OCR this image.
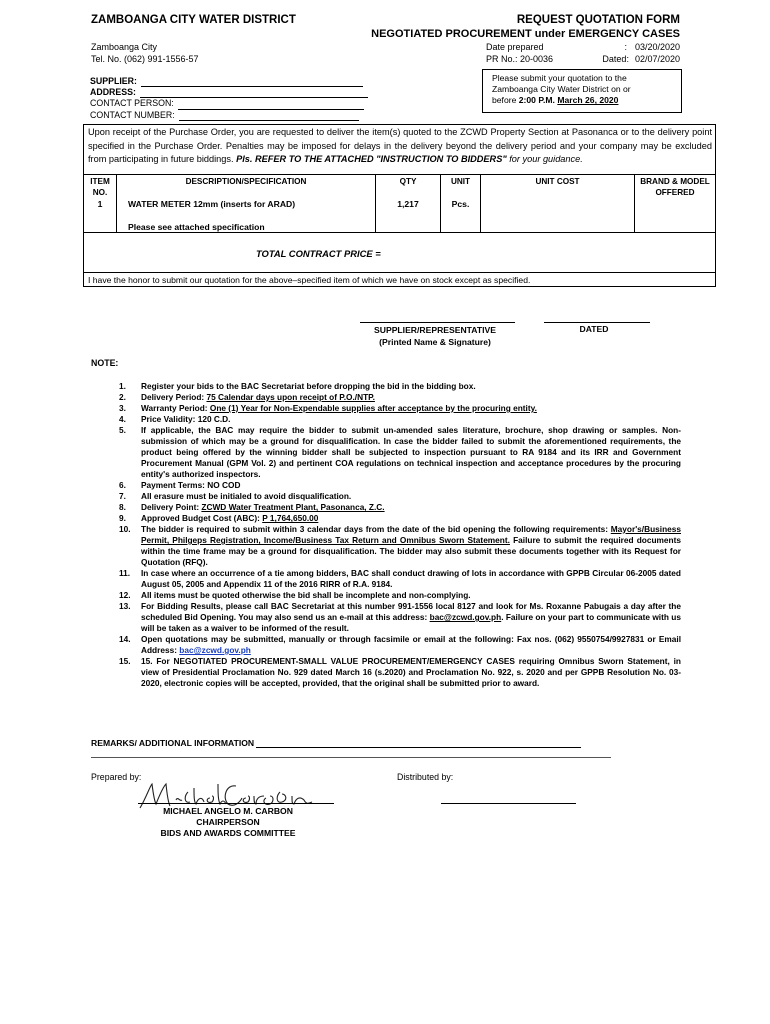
ZAMBOANGA CITY WATER DISTRICT	REQUEST QUOTATION FORM
NEGOTIATED PROCUREMENT under EMERGENCY CASES
Zamboanga City
Tel. No. (062) 991-1556-57
Date prepared	: 03/20/2020
PR No.: 20-0036	Dated: 02/07/2020
SUPPLIER:
ADDRESS:
CONTACT PERSON:
CONTACT NUMBER:
Please submit your quotation to the
Zamboanga City Water District on or
before 2:00 P.M. March 26, 2020
Upon receipt of the Purchase Order, you are requested to deliver the item(s) quoted to the ZCWD Property Section at Pasonanca or to the delivery point specified in the Purchase Order. Penalties may be imposed for delays in the delivery beyond the delivery period and your company may be excluded from participating in future biddings. Pls. REFER TO THE ATTACHED "INSTRUCTION TO BIDDERS" for your guidance.
ITEM
NO.
DESCRIPTION/SPECIFICATION	QTY	UNIT	UNIT COST	BRAND & MODEL
OFFERED
1	WATER METER 12mm (inserts for ARAD)	1,217	Pcs.
Please see attached specification
TOTAL CONTRACT PRICE =
I have the honor to submit our quotation for the above–specified item of which we have on stock except as specified.
SUPPLIER/REPRESENTATIVE
(Printed Name & Signature)
DATED
NOTE:
1.	Register your bids to the BAC Secretariat before dropping the bid in the bidding box.
2.	Delivery Period: 75 Calendar days upon receipt of P.O./NTP.
3.	Warranty Period: One (1) Year for Non-Expendable supplies after acceptance by the procuring entity.
4.	Price Validity: 120 C.D.
5.	If applicable, the BAC may require the bidder to submit un-amended sales literature, brochure, shop drawing or samples. Non-submission of which may be a ground for disqualification. In case the bidder failed to submit the aforementioned requirements, the product being offered by the winning bidder shall be subjected to inspection pursuant to RA 9184 and its IRR and Government Procurement Manual (GPM Vol. 2) and pertinent COA regulations on technical inspection and acceptance procedures by the procuring entity's authorized inspectors.
6.	Payment Terms: NO COD
7.	All erasure must be initialed to avoid disqualification.
8.	Delivery Point: ZCWD Water Treatment Plant, Pasonanca, Z.C.
9.	Approved Budget Cost (ABC): P 1,764,650.00
10.	The bidder is required to submit within 3 calendar days from the date of the bid opening the following requirements: Mayor's/Business Permit, Philgeps Registration, Income/Business Tax Return and Omnibus Sworn Statement. Failure to submit the required documents within the time frame may be a ground for disqualification. The bidder may also submit these documents together with its Request for Quotation (RFQ).
11.	In case where an occurrence of a tie among bidders, BAC shall conduct drawing of lots in accordance with GPPB Circular 06-2005 dated August 05, 2005 and Appendix 11 of the 2016 RIRR of R.A. 9184.
12.	All items must be quoted otherwise the bid shall be incomplete and non-complying.
13.	For Bidding Results, please call BAC Secretariat at this number 991-1556 local 8127 and look for Ms. Roxanne Pabugais a day after the scheduled Bid Opening. You may also send us an e-mail at this address: bac@zcwd.gov.ph. Failure on your part to communicate with us will be taken as a waiver to be informed of the result.
14.	Open quotations may be submitted, manually or through facsimile or email at the following: Fax nos. (062) 9550754/9927831 or Email Address: bac@zcwd.gov.ph
15.	15. For NEGOTIATED PROCUREMENT-SMALL VALUE PROCUREMENT/EMERGENCY CASES requiring Omnibus Sworn Statement, in view of Presidential Proclamation No. 929 dated March 16 (s.2020) and Proclamation No. 922, s. 2020 and per GPPB Resolution No. 03-2020, electronic copies will be accepted, provided, that the original shall be submitted prior to award.
REMARKS/ ADDITIONAL INFORMATION
Prepared by:	Distributed by:
MICHAEL ANGELO M. CARBON
CHAIRPERSON
BIDS AND AWARDS COMMITTEE
